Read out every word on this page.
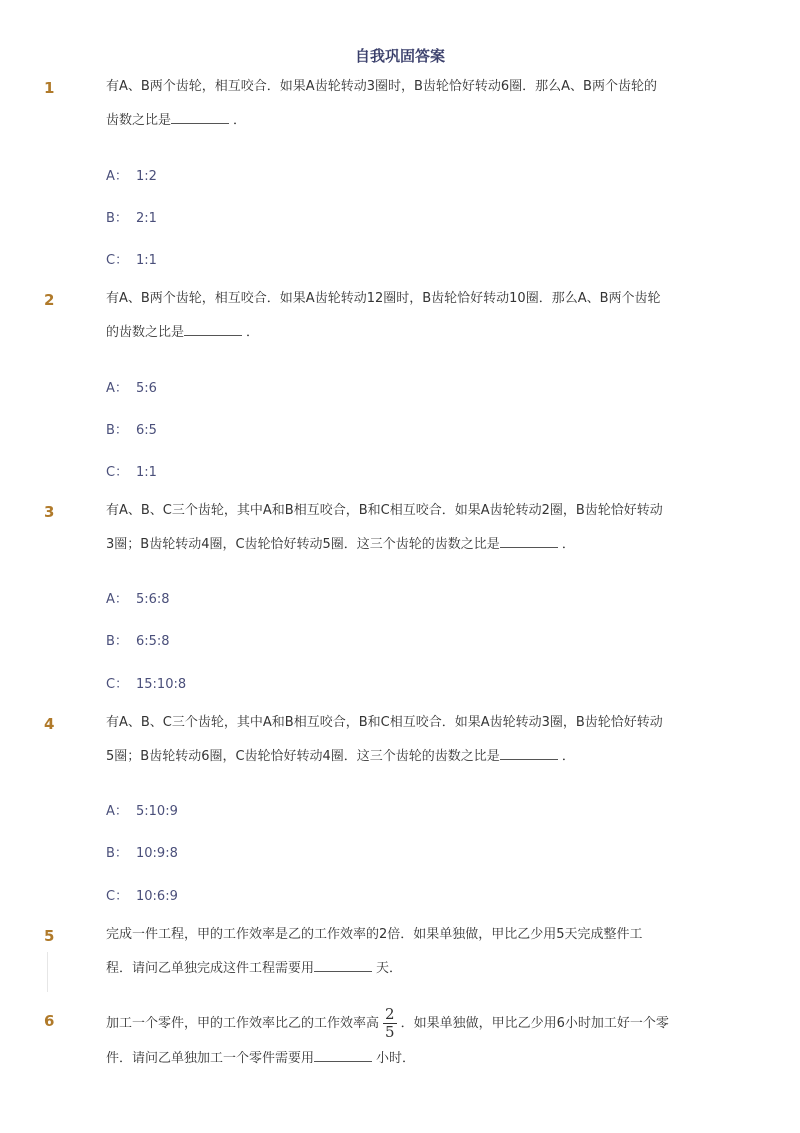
自我巩固答案
1	有A、B两个齿轮，相互咬合．如果A齿轮转动3圈时，B齿轮恰好转动6圈．那么A、B两个齿轮的
齿数之比是	．
A： 1:2
B： 2:1
C： 1:1
2	有A、B两个齿轮，相互咬合．如果A齿轮转动12圈时，B齿轮恰好转动10圈．那么A、B两个齿轮
的齿数之比是	．
A： 5:6
B： 6:5
C： 1:1
3	有A、B、C三个齿轮，其中A和B相互咬合，B和C相互咬合．如果A齿轮转动2圈，B齿轮恰好转动
3圈；B齿轮转动4圈，C齿轮恰好转动5圈．这三个齿轮的齿数之比是	．
A： 5:6:8
B： 6:5:8
C： 15:10:8
4	有A、B、C三个齿轮，其中A和B相互咬合，B和C相互咬合．如果A齿轮转动3圈，B齿轮恰好转动
5圈；B齿轮转动6圈，C齿轮恰好转动4圈．这三个齿轮的齿数之比是	．
A： 5:10:9
B： 10:9:8
C： 10:6:9
5	完成一件工程，甲的工作效率是乙的工作效率的2倍．如果单独做，甲比乙少用5天完成整件工
程．请问乙单独完成这件工程需要用	天．
6	加工一个零件，甲的工作效率比乙的工作效率高 $\frac{2}{5}$ ．如果单独做，甲比乙少用6小时加工好一个零
件．请问乙单独加工一个零件需要用	小时．
